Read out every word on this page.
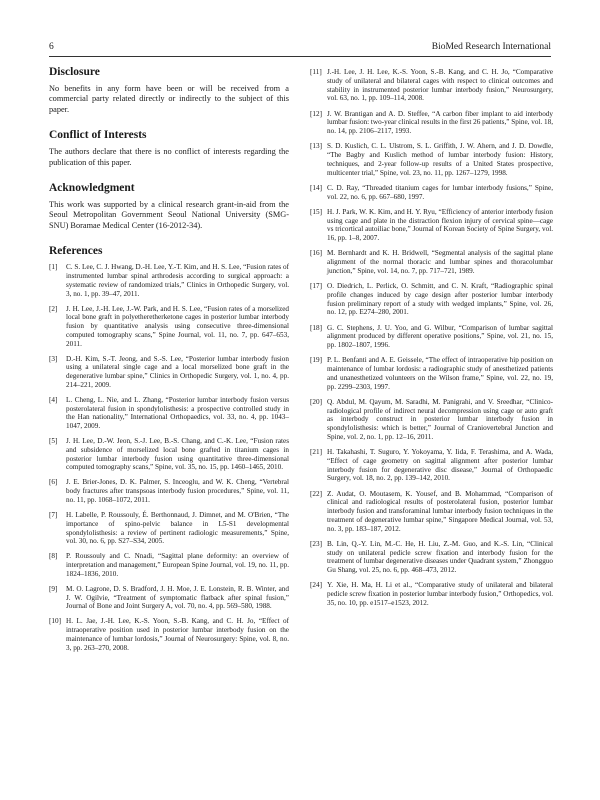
6	BioMed Research International
Disclosure

No benefits in any form have been or will be received from a commercial party related directly or indirectly to the subject of this paper.

Conflict of Interests

The authors declare that there is no conflict of interests regarding the publication of this paper.

Acknowledgment

This work was supported by a clinical research grant-in-aid from the Seoul Metropolitan Government Seoul National University (SMG-SNU) Boramae Medical Center (16-2012-34).

References
[1]	C. S. Lee, C. J. Hwang, D.-H. Lee, Y.-T. Kim, and H. S. Lee, “Fusion rates of instrumented lumbar spinal arthrodesis according to surgical approach: a systematic review of randomized trials,” Clinics in Orthopedic Surgery, vol. 3, no. 1, pp. 39–47, 2011.
[2]	J. H. Lee, J.-H. Lee, J.-W. Park, and H. S. Lee, “Fusion rates of a morselized local bone graft in polyetheretherketone cages in posterior lumbar interbody fusion by quantitative analysis using consecutive three-dimensional computed tomography scans,” Spine Journal, vol. 11, no. 7, pp. 647–653, 2011.
[3]	D.-H. Kim, S.-T. Jeong, and S.-S. Lee, “Posterior lumbar interbody fusion using a unilateral single cage and a local morselized bone graft in the degenerative lumbar spine,” Clinics in Orthopedic Surgery, vol. 1, no. 4, pp. 214–221, 2009.
[4]	L. Cheng, L. Nie, and L. Zhang, “Posterior lumbar interbody fusion versus posterolateral fusion in spondylolisthesis: a prospective controlled study in the Han nationality,” International Orthopaedics, vol. 33, no. 4, pp. 1043–1047, 2009.
[5]	J. H. Lee, D.-W. Jeon, S.-J. Lee, B.-S. Chang, and C.-K. Lee, “Fusion rates and subsidence of morselized local bone grafted in titanium cages in posterior lumbar interbody fusion using quantitative three-dimensional computed tomography scans,” Spine, vol. 35, no. 15, pp. 1460–1465, 2010.
[6]	J. E. Brier-Jones, D. K. Palmer, S. Inceoglu, and W. K. Cheng, “Vertebral body fractures after transpsoas interbody fusion procedures,” Spine, vol. 11, no. 11, pp. 1068–1072, 2011.
[7]	H. Labelle, P. Roussouly, É. Berthonnaud, J. Dimnet, and M. O'Brien, “The importance of spino-pelvic balance in L5-S1 developmental spondylolisthesis: a review of pertinent radiologic measurements,” Spine, vol. 30, no. 6, pp. S27–S34, 2005.
[8]	P. Roussouly and C. Nnadi, “Sagittal plane deformity: an overview of interpretation and management,” European Spine Journal, vol. 19, no. 11, pp. 1824–1836, 2010.
[9]	M. O. Lagrone, D. S. Bradford, J. H. Moe, J. E. Lonstein, R. B. Winter, and J. W. Ogilvie, “Treatment of symptomatic flatback after spinal fusion,” Journal of Bone and Joint Surgery A, vol. 70, no. 4, pp. 569–580, 1988.
[10] H. L. Jae, J.-H. Lee, K.-S. Yoon, S.-B. Kang, and C. H. Jo, “Effect of intraoperative position used in posterior lumbar interbody fusion on the maintenance of lumbar lordosis,” Journal of Neurosurgery: Spine, vol. 8, no. 3, pp. 263–270, 2008.
[11] J.-H. Lee, J. H. Lee, K.-S. Yoon, S.-B. Kang, and C. H. Jo, “Comparative study of unilateral and bilateral cages with respect to clinical outcomes and stability in instrumented posterior lumbar interbody fusion,” Neurosurgery, vol. 63, no. 1, pp. 109–114, 2008.
[12] J. W. Brantigan and A. D. Steffee, “A carbon fiber implant to aid interbody lumbar fusion: two-year clinical results in the first 26 patients,” Spine, vol. 18, no. 14, pp. 2106–2117, 1993.
[13] S. D. Kuslich, C. L. Ulstrom, S. L. Griffith, J. W. Ahern, and J. D. Dowdle, “The Bagby and Kuslich method of lumbar interbody fusion: History, techniques, and 2-year follow-up results of a United States prospective, multicenter trial,” Spine, vol. 23, no. 11, pp. 1267–1279, 1998.
[14] C. D. Ray, “Threaded titanium cages for lumbar interbody fusions,” Spine, vol. 22, no. 6, pp. 667–680, 1997.
[15] H. J. Park, W. K. Kim, and H. Y. Ryu, “Efficiency of anterior interbody fusion using cage and plate in the distraction flexion injury of cervical spine—cage vs tricortical autoiliac bone,” Journal of Korean Society of Spine Surgery, vol. 16, pp. 1–8, 2007.
[16] M. Bernhardt and K. H. Bridwell, “Segmental analysis of the sagittal plane alignment of the normal thoracic and lumbar spines and thoracolumbar junction,” Spine, vol. 14, no. 7, pp. 717–721, 1989.
[17] O. Diedrich, L. Perlick, O. Schmitt, and C. N. Kraft, “Radiographic spinal profile changes induced by cage design after posterior lumbar interbody fusion preliminary report of a study with wedged implants,” Spine, vol. 26, no. 12, pp. E274–280, 2001.
[18] G. C. Stephens, J. U. Yoo, and G. Wilbur, “Comparison of lumbar sagittal alignment produced by different operative positions,” Spine, vol. 21, no. 15, pp. 1802–1807, 1996.
[19] P. L. Benfanti and A. E. Geissele, “The effect of intraoperative hip position on maintenance of lumbar lordosis: a radiographic study of anesthetized patients and unanesthetized volunteers on the Wilson frame,” Spine, vol. 22, no. 19, pp. 2299–2303, 1997.
[20] Q. Abdul, M. Qayum, M. Saradhi, M. Panigrahi, and V. Sreedhar, “Clinico-radiological profile of indirect neural decompression using cage or auto graft as interbody construct in posterior lumbar interbody fusion in spondylolisthesis: which is better,” Journal of Craniovertebral Junction and Spine, vol. 2, no. 1, pp. 12–16, 2011.
[21] H. Takahashi, T. Suguro, Y. Yokoyama, Y. Iida, F. Terashima, and A. Wada, “Effect of cage geometry on sagittal alignment after posterior lumbar interbody fusion for degenerative disc disease,” Journal of Orthopaedic Surgery, vol. 18, no. 2, pp. 139–142, 2010.
[22] Z. Audat, O. Moutasem, K. Yousef, and B. Mohammad, “Comparison of clinical and radiological results of posterolateral fusion, posterior lumbar interbody fusion and transforaminal lumbar interbody fusion techniques in the treatment of degenerative lumbar spine,” Singapore Medical Journal, vol. 53, no. 3, pp. 183–187, 2012.
[23] B. Lin, Q.-Y. Lin, M.-C. He, H. Liu, Z.-M. Guo, and K.-S. Lin, “Clinical study on unilateral pedicle screw fixation and interbody fusion for the treatment of lumbar degenerative diseases under Quadrant system,” Zhongguo Gu Shang, vol. 25, no. 6, pp. 468–473, 2012.
[24] Y. Xie, H. Ma, H. Li et al., “Comparative study of unilateral and bilateral pedicle screw fixation in posterior lumbar interbody fusion,” Orthopedics, vol. 35, no. 10, pp. e1517–e1523, 2012.
